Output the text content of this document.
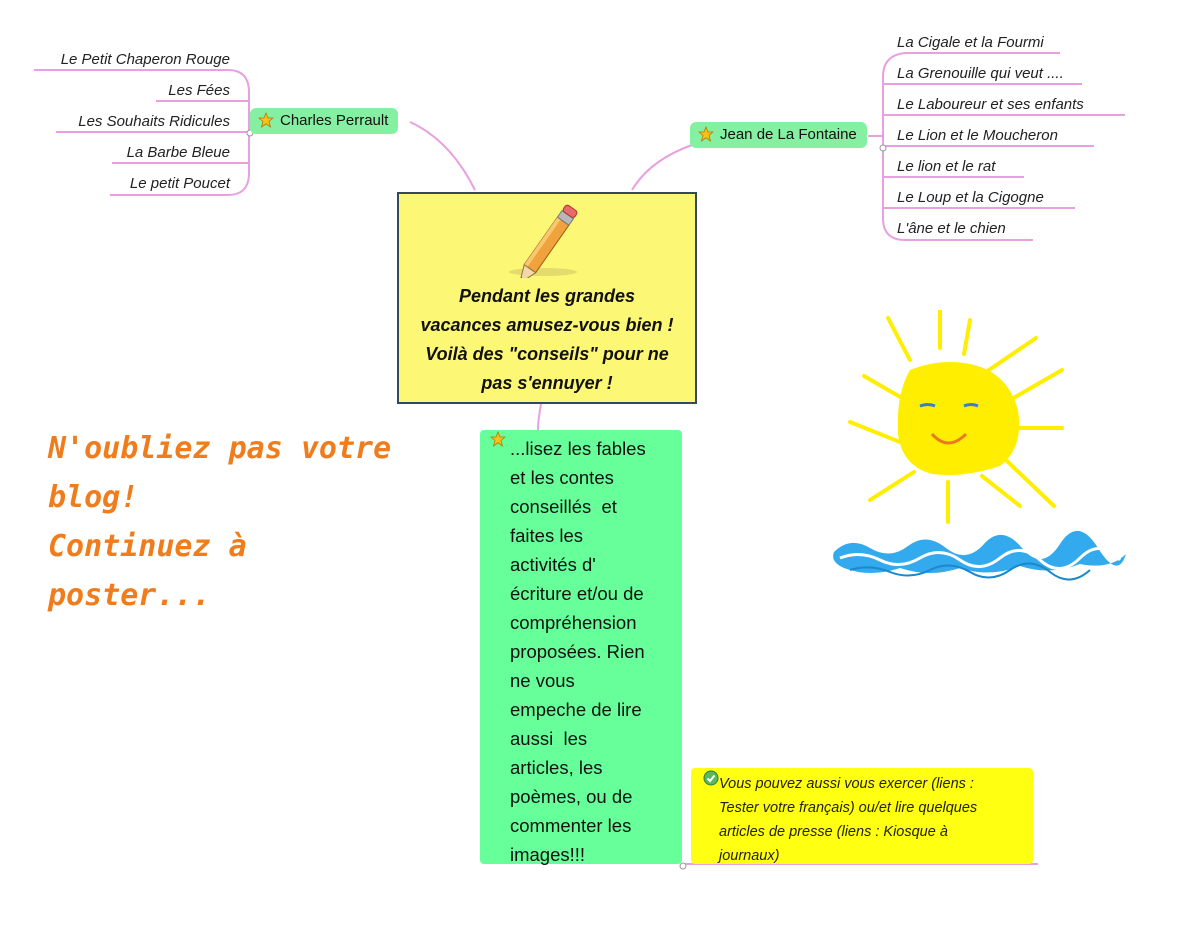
Le Petit Chaperon Rouge
Les Fées
Les Souhaits Ridicules
La Barbe Bleue
Le petit Poucet
Charles Perrault
Jean de La Fontaine
La Cigale et la Fourmi
La Grenouille qui veut ....
Le Laboureur et ses enfants
Le Lion et le Moucheron
Le lion et le rat
Le Loup et la Cigogne
L'âne et le chien
Pendant les grandes
vacances amusez-vous bien !
Voilà des "conseils" pour ne
pas s'ennuyer !
...lisez les fables
et les contes
conseillés  et
faites les
activités d'
écriture et/ou de
compréhension
proposées. Rien
ne vous
empeche de lire
aussi  les
articles, les
poèmes, ou de
commenter les
images!!!
Vous pouvez aussi vous exercer (liens :
Tester votre français) ou/et lire quelques
articles de presse (liens : Kiosque à
journaux)
N'oubliez pas votre
blog!
Continuez à
poster...
